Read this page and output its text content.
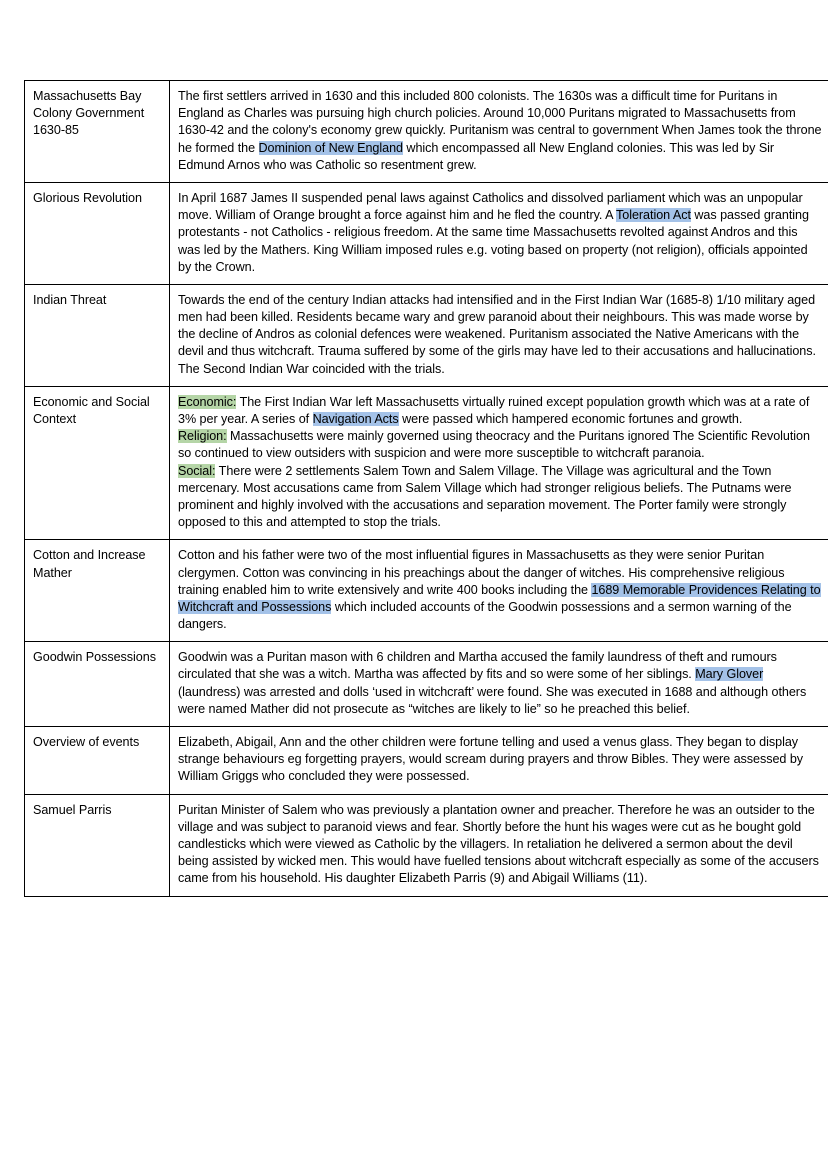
Massachusetts Bay Colony Government 1630-85	The first settlers arrived in 1630 and this included 800 colonists. The 1630s was a difficult time for Puritans in England as Charles was pursuing high church policies. Around 10,000 Puritans migrated to Massachusetts from 1630-42 and the colony's economy grew quickly. Puritanism was central to government When James took the throne he formed the Dominion of New England which encompassed all New England colonies. This was led by Sir Edmund Arnos who was Catholic so resentment grew.

Glorious Revolution	In April 1687 James II suspended penal laws against Catholics and dissolved parliament which was an unpopular move. William of Orange brought a force against him and he fled the country. A Toleration Act was passed granting protestants - not Catholics - religious freedom. At the same time Massachusetts revolted against Andros and this was led by the Mathers. King William imposed rules e.g. voting based on property (not religion), officials appointed by the Crown.

Indian Threat	Towards the end of the century Indian attacks had intensified and in the First Indian War (1685-8) 1/10 military aged men had been killed. Residents became wary and grew paranoid about their neighbours. This was made worse by the decline of Andros as colonial defences were weakened. Puritanism associated the Native Americans with the devil and thus witchcraft. Trauma suffered by some of the girls may have led to their accusations and hallucinations. The Second Indian War coincided with the trials.

Economic and Social Context	Economic: The First Indian War left Massachusetts virtually ruined except population growth which was at a rate of 3% per year. A series of Navigation Acts were passed which hampered economic fortunes and growth.
Religion: Massachusetts were mainly governed using theocracy and the Puritans ignored The Scientific Revolution so continued to view outsiders with suspicion and were more susceptible to witchcraft paranoia.
Social: There were 2 settlements Salem Town and Salem Village. The Village was agricultural and the Town mercenary. Most accusations came from Salem Village which had stronger religious beliefs. The Putnams were prominent and highly involved with the accusations and separation movement. The Porter family were strongly opposed to this and attempted to stop the trials.

Cotton and Increase Mather	Cotton and his father were two of the most influential figures in Massachusetts as they were senior Puritan clergymen. Cotton was convincing in his preachings about the danger of witches. His comprehensive religious training enabled him to write extensively and write 400 books including the 1689 Memorable Providences Relating to Witchcraft and Possessions which included accounts of the Goodwin possessions and a sermon warning of the dangers.

Goodwin Possessions	Goodwin was a Puritan mason with 6 children and Martha accused the family laundress of theft and rumours circulated that she was a witch. Martha was affected by fits and so were some of her siblings. Mary Glover (laundress) was arrested and dolls ‘used in witchcraft’ were found. She was executed in 1688 and although others were named Mather did not prosecute as “witches are likely to lie” so he preached this belief.

Overview of events	Elizabeth, Abigail, Ann and the other children were fortune telling and used a venus glass. They began to display strange behaviours eg forgetting prayers, would scream during prayers and throw Bibles. They were assessed by William Griggs who concluded they were possessed.

Samuel Parris	Puritan Minister of Salem who was previously a plantation owner and preacher. Therefore he was an outsider to the village and was subject to paranoid views and fear. Shortly before the hunt his wages were cut as he bought gold candlesticks which were viewed as Catholic by the villagers. In retaliation he delivered a sermon about the devil being assisted by wicked men. This would have fuelled tensions about witchcraft especially as some of the accusers came from his household. His daughter Elizabeth Parris (9) and Abigail Williams (11).
